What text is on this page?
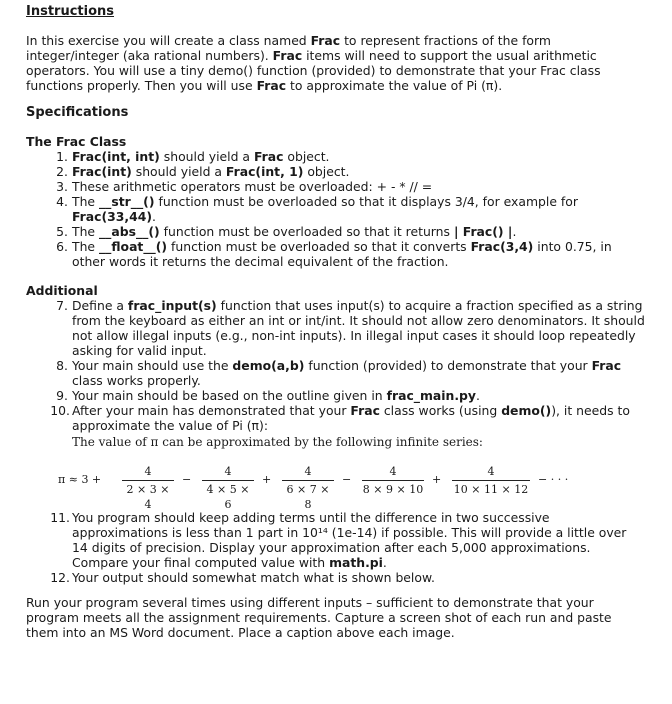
Instructions

In this exercise you will create a class named Frac to represent fractions of the form integer/integer (aka rational numbers). Frac items will need to support the usual arithmetic operators. You will use a tiny demo() function (provided) to demonstrate that your Frac class functions properly. Then you will use Frac to approximate the value of Pi (π).

Specifications
The Frac Class
1. Frac(int, int) should yield a Frac object.
2. Frac(int) should yield a Frac(int, 1) object.
3. These arithmetic operators must be overloaded: + - * // =
4. The __str__() function must be overloaded so that it displays 3/4, for example for Frac(33,44).
5. The __abs__() function must be overloaded so that it returns | Frac() |.
6. The __float__() function must be overloaded so that it converts Frac(3,4) into 0.75, in other words it returns the decimal equivalent of the fraction.
Additional
7. Define a frac_input(s) function that uses input(s) to acquire a fraction specified as a string from the keyboard as either an int or int/int. It should not allow zero denominators. It should not allow illegal inputs (e.g., non-int inputs). In illegal input cases it should loop repeatedly asking for valid input.
8. Your main should use the demo(a,b) function (provided) to demonstrate that your Frac class works properly.
9. Your main should be based on the outline given in frac_main.py.
10. After your main has demonstrated that your Frac class works (using demo()), it needs to approximate the value of Pi (π):
The value of π can be approximated by the following infinite series:
$\pi \approx 3 + \frac{4}{2 \times 3 \times 4} - \frac{4}{4 \times 5 \times 6} + \frac{4}{6 \times 7 \times 8} - \frac{4}{8 \times 9 \times 10} + \frac{4}{10 \times 11 \times 12}$ − · · ·
11. You program should keep adding terms until the difference in two successive approximations is less than 1 part in 10¹⁴ (1e-14) if possible. This will provide a little over 14 digits of precision. Display your approximation after each 5,000 approximations. Compare your final computed value with math.pi.
12. Your output should somewhat match what is shown below.

Run your program several times using different inputs – sufficient to demonstrate that your program meets all the assignment requirements. Capture a screen shot of each run and paste them into an MS Word document. Place a caption above each image.
